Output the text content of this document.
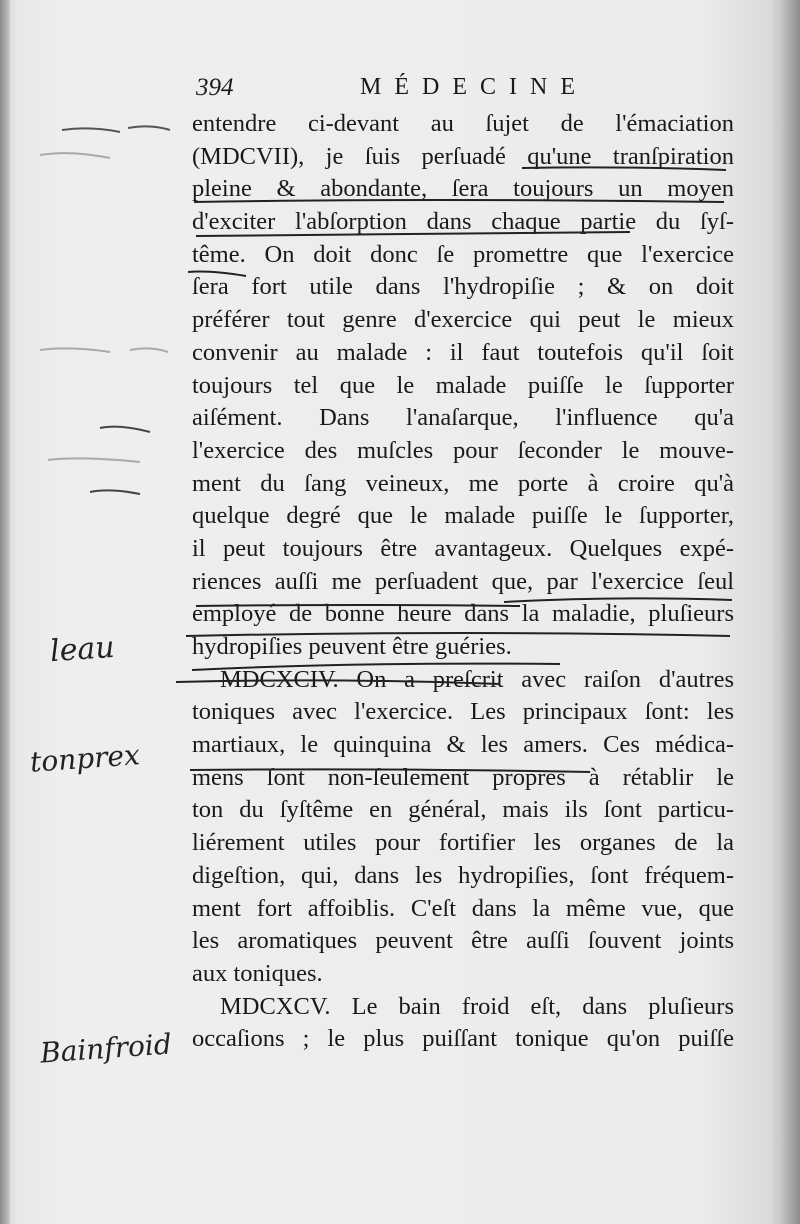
394	MÉDECINE
entendre ci-devant au ſujet de l'émaciation
(MDCVII), je ſuis perſuadé qu'une tranſpiration
pleine & abondante, ſera toujours un moyen
d'exciter l'abſorption dans chaque partie du ſyſ-
tême. On doit donc ſe promettre que l'exercice
ſera fort utile dans l'hydropiſie ; & on doit
préférer tout genre d'exercice qui peut le mieux
convenir au malade : il faut toutefois qu'il ſoit
toujours tel que le malade puiſſe le ſupporter
aiſément. Dans l'anaſarque, l'influence qu'a
l'exercice des muſcles pour ſeconder le mouve-
ment du ſang veineux, me porte à croire qu'à
quelque degré que le malade puiſſe le ſupporter,
il peut toujours être avantageux. Quelques expé-
riences auſſi me perſuadent que, par l'exercice ſeul
employé de bonne heure dans la maladie, pluſieurs
hydropiſies peuvent être guéries.
MDCXCIV. On a preſcrit avec raiſon d'autres
toniques avec l'exercice. Les principaux ſont: les
martiaux, le quinquina & les amers. Ces médica-
mens ſont non-ſeulement propres à rétablir le
ton du ſyſtême en général, mais ils ſont particu-
liérement utiles pour fortifier les organes de la
digeſtion, qui, dans les hydropiſies, ſont fréquem-
ment fort affoiblis. C'eſt dans la même vue, que
les aromatiques peuvent être auſſi ſouvent joints
aux toniques.
MDCXCV. Le bain froid eſt, dans pluſieurs
occaſions ; le plus puiſſant tonique qu'on puiſſe
leau
tonprex
Bainfroid
